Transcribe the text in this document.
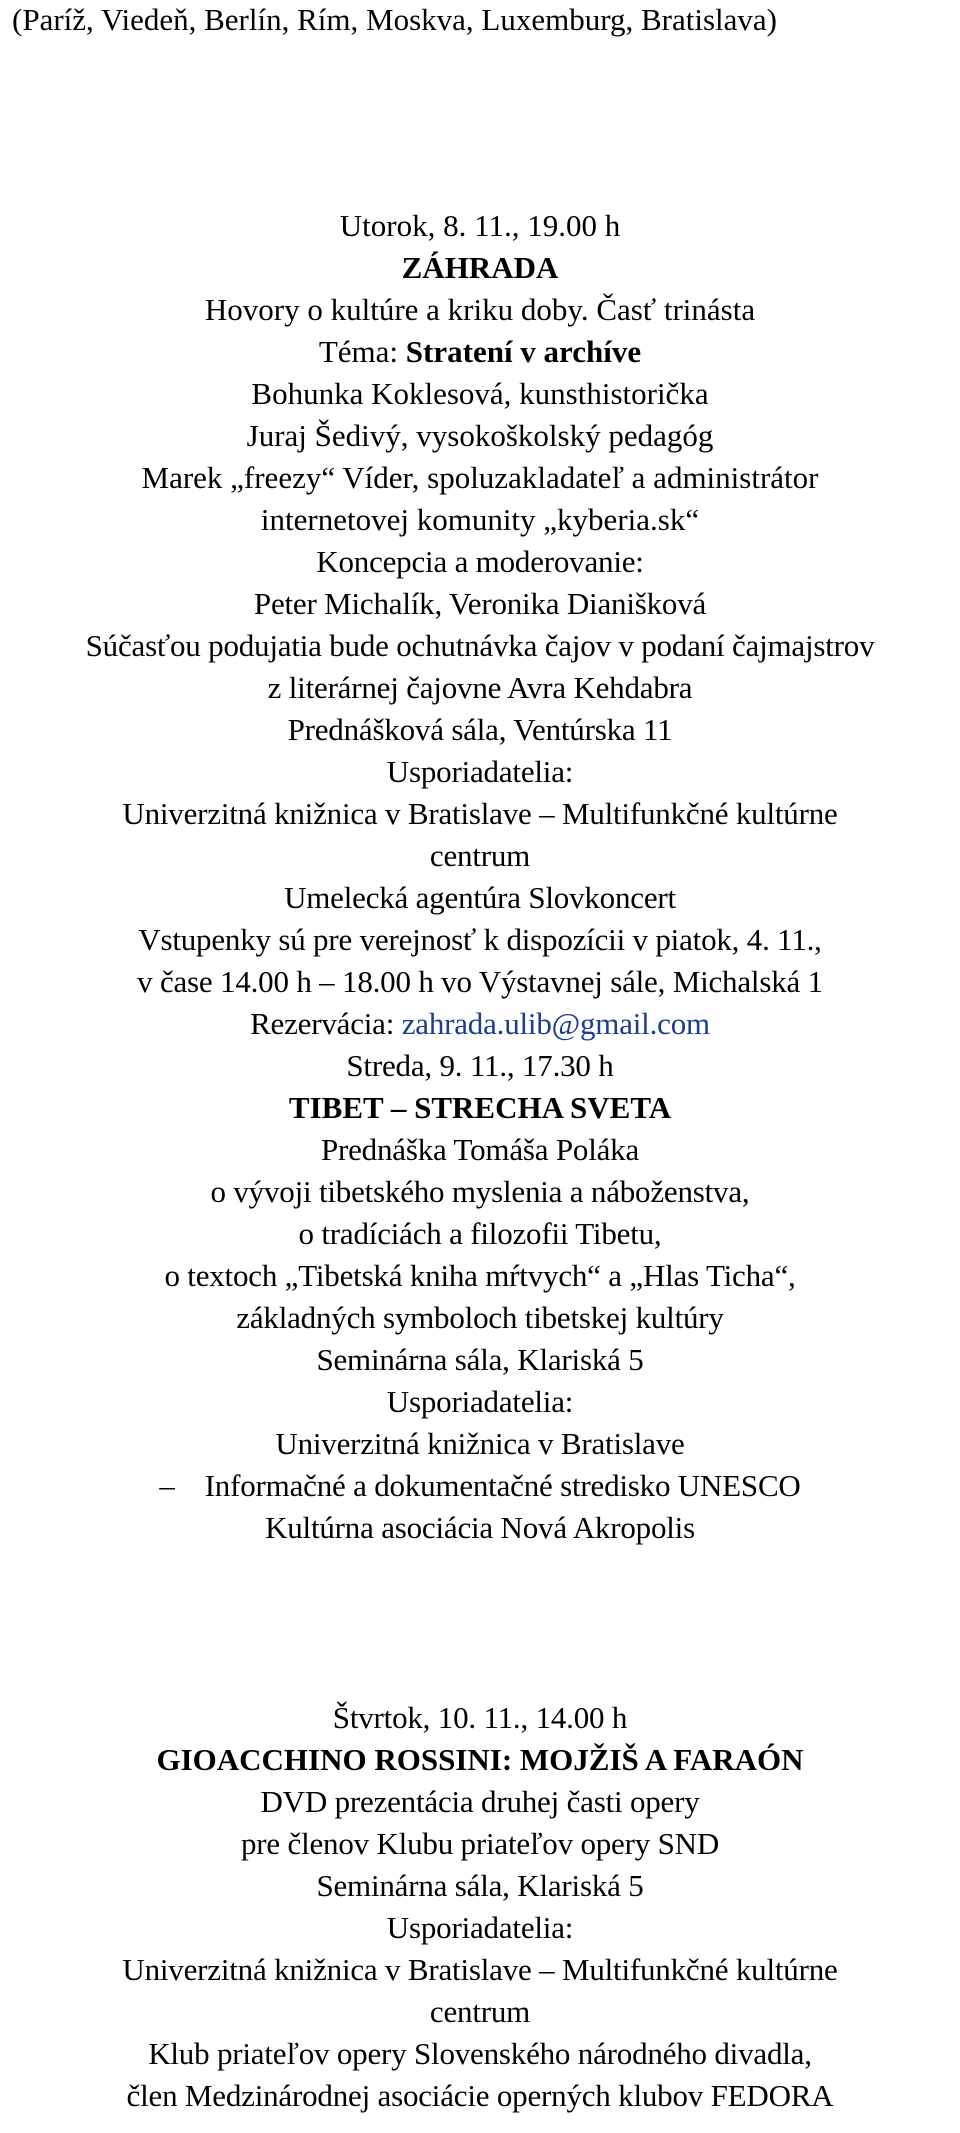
(Paríž, Viedeň, Berlín, Rím, Moskva, Luxemburg, Bratislava)
Utorok, 8. 11., 19.00 h
ZÁHRADA
Hovory o kultúre a kriku doby. Časť trinásta
Téma: Stratení v archíve
Bohunka Koklesová, kunsthistorička
Juraj Šedivý, vysokoškolský pedagóg
Marek „freezy“ Víder, spoluzakladateľ a administrátor
internetovej komunity „kyberia.sk“
Koncepcia a moderovanie:
Peter Michalík, Veronika Dianišková
Súčasťou podujatia bude ochutnávka čajov v podaní čajmajstrov
z literárnej čajovne Avra Kehdabra
Prednášková sála, Ventúrska 11
Usporiadatelia:
Univerzitná knižnica v Bratislave – Multifunkčné kultúrne
centrum
Umelecká agentúra Slovkoncert
Vstupenky sú pre verejnosť k dispozícii v piatok, 4. 11.,
v čase 14.00 h – 18.00 h vo Výstavnej sále, Michalská 1
Rezervácia: zahrada.ulib@gmail.com
Streda, 9. 11., 17.30 h
TIBET – STRECHA SVETA
Prednáška Tomáša Poláka
o vývoji tibetského myslenia a náboženstva,
o tradíciách a filozofii Tibetu,
o textoch „Tibetská kniha mŕtvych“ a „Hlas Ticha“,
základných symboloch tibetskej kultúry
Seminárna sála, Klariská 5
Usporiadatelia:
Univerzitná knižnica v Bratislave
– Informačné a dokumentačné stredisko UNESCO
Kultúrna asociácia Nová Akropolis
Štvrtok, 10. 11., 14.00 h
GIOACCHINO ROSSINI: MOJŽIŠ A FARAÓN
DVD prezentácia druhej časti opery
pre členov Klubu priateľov opery SND
Seminárna sála, Klariská 5
Usporiadatelia:
Univerzitná knižnica v Bratislave – Multifunkčné kultúrne
centrum
Klub priateľov opery Slovenského národného divadla,
člen Medzinárodnej asociácie operných klubov FEDORA
